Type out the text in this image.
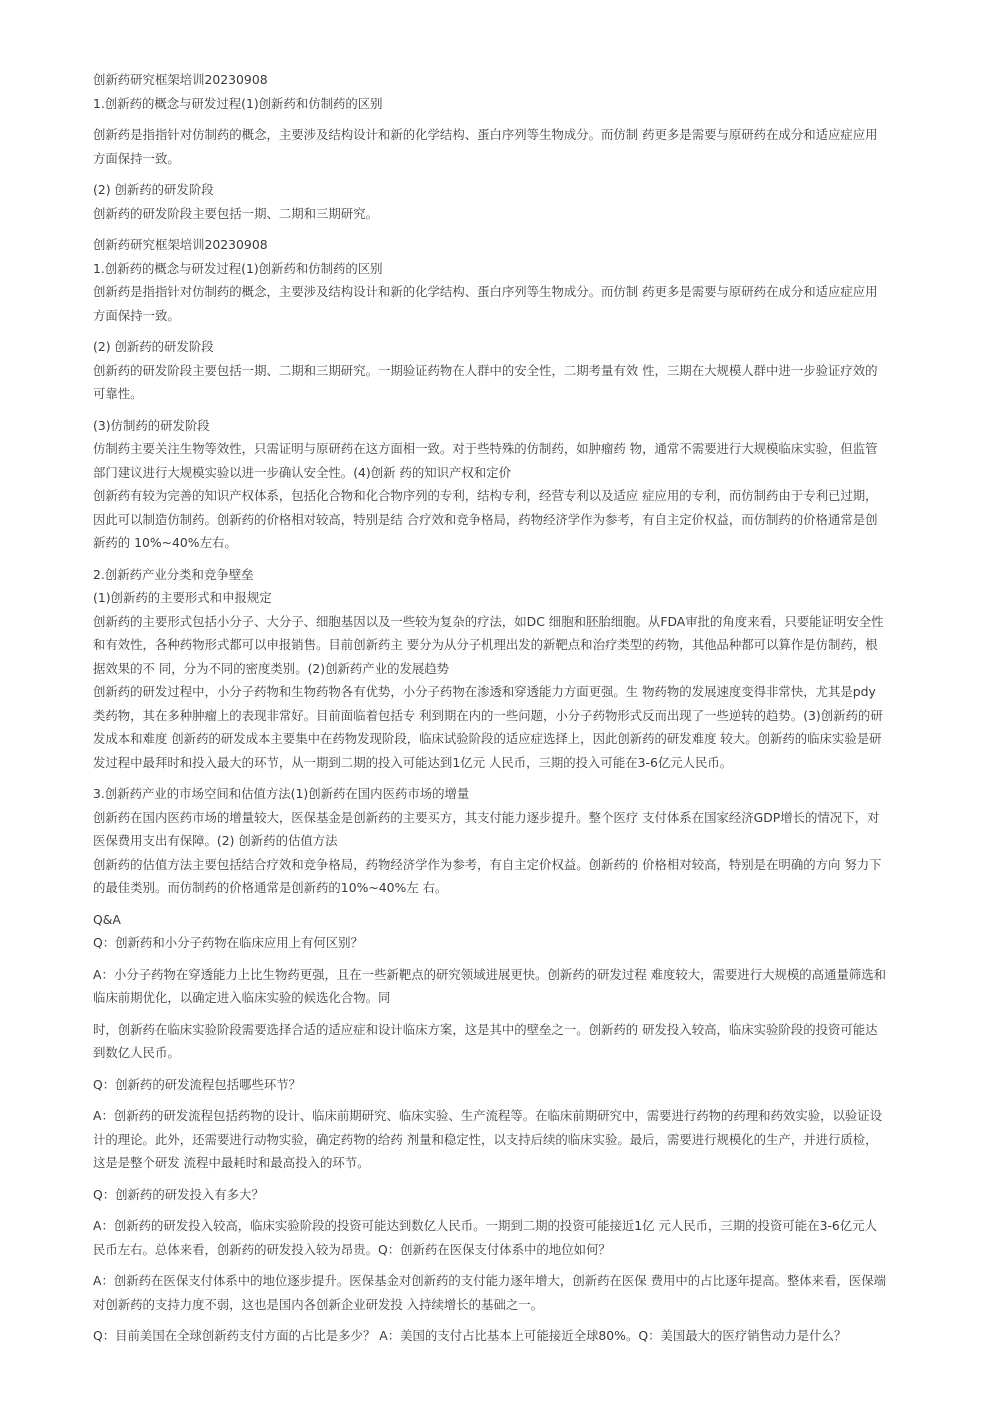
创新药研究框架培训20230908
1.创新药的概念与研发过程(1)创新药和仿制药的区别
创新药是指指针对仿制药的概念，主要涉及结构设计和新的化学结构、蛋白序列等生物成分。而仿制 药更多是需要与原研药在成分和适应症应用
方面保持一致。
(2) 创新药的研发阶段
创新药的研发阶段主要包括一期、二期和三期研究。
创新药研究框架培训20230908
1.创新药的概念与研发过程(1)创新药和仿制药的区别
创新药是指指针对仿制药的概念，主要涉及结构设计和新的化学结构、蛋白序列等生物成分。而仿制 药更多是需要与原研药在成分和适应症应用
方面保持一致。
(2) 创新药的研发阶段
创新药的研发阶段主要包括一期、二期和三期研究。一期验证药物在人群中的安全性，二期考量有效 性，三期在大规模人群中进一步验证疗效的
可靠性。
(3)仿制药的研发阶段
仿制药主要关注生物等效性，只需证明与原研药在这方面相一致。对于些特殊的仿制药，如肿瘤药 物，通常不需要进行大规模临床实验，但监管
部门建议进行大规模实验以进一步确认安全性。(4)创新 药的知识产权和定价
创新药有较为完善的知识产权体系，包括化合物和化合物序列的专利，结构专利，经营专利以及适应 症应用的专利，而仿制药由于专利已过期，
因此可以制造仿制药。创新药的价格相对较高，特别是结 合疗效和竞争格局，药物经济学作为参考，有自主定价权益，而仿制药的价格通常是创
新药的 10%~40%左右。
2.创新药产业分类和竞争壁垒
(1)创新药的主要形式和申报规定
创新药的主要形式包括小分子、大分子、细胞基因以及一些较为复杂的疗法，如DC 细胞和胚胎细胞。从FDA审批的角度来看，只要能证明安全性
和有效性，各种药物形式都可以申报销售。目前创新药主 要分为从分子机理出发的新靶点和治疗类型的药物，其他品种都可以算作是仿制药，根
据效果的不 同，分为不同的密度类别。(2)创新药产业的发展趋势
创新药的研发过程中，小分子药物和生物药物各有优势，小分子药物在渗透和穿透能力方面更强。生 物药物的发展速度变得非常快，尤其是pdy
类药物，其在多种肿瘤上的表现非常好。目前面临着包括专 利到期在内的一些问题，小分子药物形式反而出现了一些逆转的趋势。(3)创新药的研
发成本和难度 创新药的研发成本主要集中在药物发现阶段，临床试验阶段的适应症选择上，因此创新药的研发难度 较大。创新药的临床实验是研
发过程中最拜时和投入最大的环节，从一期到二期的投入可能达到1亿元 人民币，三期的投入可能在3-6亿元人民币。
3.创新药产业的市场空间和估值方法(1)创新药在国内医药市场的增量
创新药在国内医药市场的增量较大，医保基金是创新药的主要买方，其支付能力逐步提升。整个医疗 支付体系在国家经济GDP增长的情况下，对
医保费用支出有保障。(2) 创新药的估值方法
创新药的估值方法主要包括结合疗效和竞争格局，药物经济学作为参考，有自主定价权益。创新药的 价格相对较高，特别是在明确的方向 努力下
的最佳类别。而仿制药的价格通常是创新药的10%~40%左 右。
Q&A
Q：创新药和小分子药物在临床应用上有何区别？
A：小分子药物在穿透能力上比生物药更强，且在一些新靶点的研究领域进展更快。创新药的研发过程 难度较大，需要进行大规模的高通量筛选和
临床前期优化，以确定进入临床实验的候选化合物。同
时，创新药在临床实验阶段需要选择合适的适应症和设计临床方案，这是其中的壁垒之一。创新药的 研发投入较高，临床实验阶段的投资可能达
到数亿人民币。
Q：创新药的研发流程包括哪些环节？
A：创新药的研发流程包括药物的设计、临床前期研究、临床实验、生产流程等。在临床前期研究中，需要进行药物的药理和药效实验，以验证设
计的理论。此外，还需要进行动物实验，确定药物的给药 剂量和稳定性，以支持后续的临床实验。最后，需要进行规模化的生产，并进行质检，
这是是整个研发 流程中最耗时和最高投入的环节。
Q：创新药的研发投入有多大？
A：创新药的研发投入较高，临床实验阶段的投资可能达到数亿人民币。一期到二期的投资可能接近1亿 元人民币，三期的投资可能在3-6亿元人
民币左右。总体来看，创新药的研发投入较为昂贵。Q：创新药在医保支付体系中的地位如何？
A：创新药在医保支付体系中的地位逐步提升。医保基金对创新药的支付能力逐年增大，创新药在医保 费用中的占比逐年提高。整体来看，医保端
对创新药的支持力度不弱，这也是国内各创新企业研发投 入持续增长的基础之一。
Q：目前美国在全球创新药支付方面的占比是多少？ A：美国的支付占比基本上可能接近全球80%。Q：美国最大的医疗销售动力是什么？
